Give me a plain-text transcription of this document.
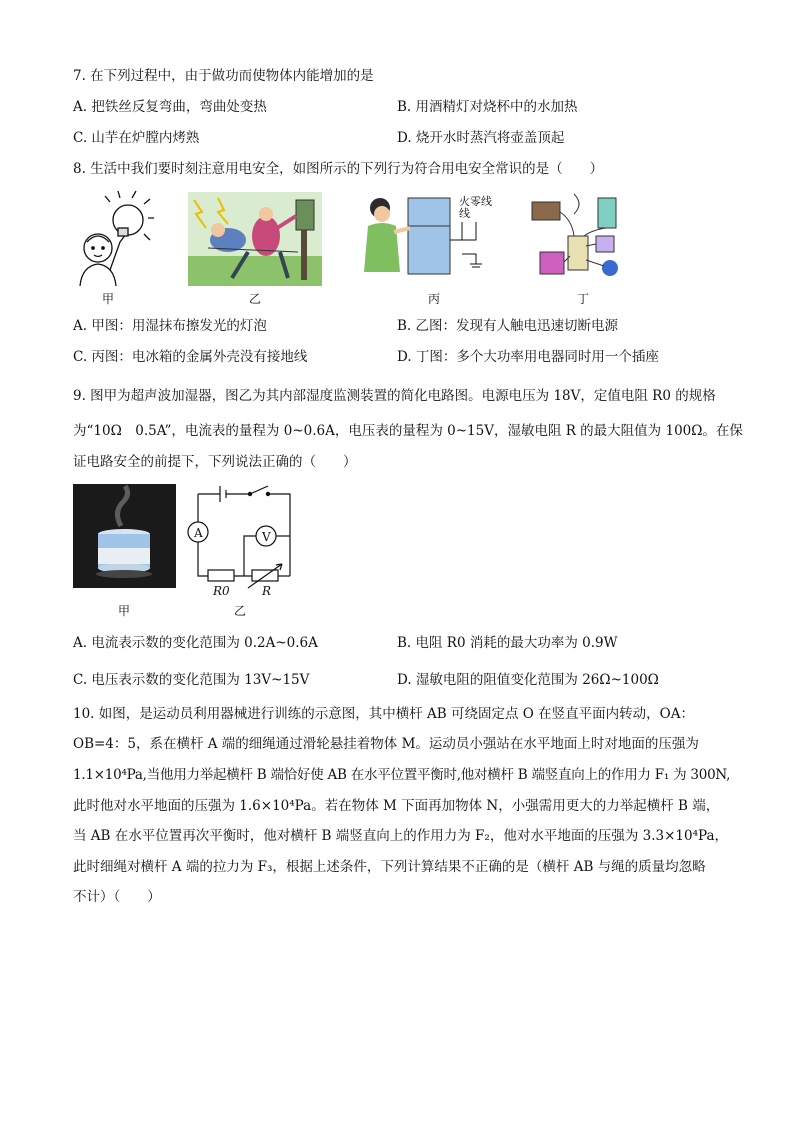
7. 在下列过程中，由于做功而使物体内能增加的是
A. 把铁丝反复弯曲，弯曲处变热	B. 用酒精灯对烧杯中的水加热
C. 山芋在炉膛内烤熟	D. 烧开水时蒸汽将壶盖顶起
8. 生活中我们要时刻注意用电安全，如图所示的下列行为符合用电安全常识的是（　　）
甲	乙
火零线线
丙	丁
A. 甲图：用湿抹布擦发光的灯泡	B. 乙图：发现有人触电迅速切断电源
C. 丙图：电冰箱的金属外壳没有接地线	D. 丁图：多个大功率用电器同时用一个插座
9. 图甲为超声波加湿器，图乙为其内部湿度监测装置的简化电路图。电源电压为 18V，定值电阻 R0 的规格
为“10Ω　0.5A”，电流表的量程为 0~0.6A，电压表的量程为 0~15V，湿敏电阻 R 的最大阻值为 100Ω。在保
证电路安全的前提下，下列说法正确的（　　）
甲
A	V
R0	R
乙
A. 电流表示数的变化范围为 0.2A~0.6A	B. 电阻 R0 消耗的最大功率为 0.9W
C. 电压表示数的变化范围为 13V~15V	D. 湿敏电阻的阻值变化范围为 26Ω~100Ω
10. 如图，是运动员利用器械进行训练的示意图，其中横杆 AB 可绕固定点 O 在竖直平面内转动，OA：
OB=4：5，系在横杆 A 端的细绳通过滑轮悬挂着物体 M。运动员小强站在水平地面上时对地面的压强为
1.1×10⁴Pa,当他用力举起横杆 B 端恰好使 AB 在水平位置平衡时,他对横杆 B 端竖直向上的作用力 F₁ 为 300N,
此时他对水平地面的压强为 1.6×10⁴Pa。若在物体 M 下面再加物体 N，小强需用更大的力举起横杆 B 端，
当 AB 在水平位置再次平衡时，他对横杆 B 端竖直向上的作用力为 F₂，他对水平地面的压强为 3.3×10⁴Pa，
此时细绳对横杆 A 端的拉力为 F₃，根据上述条件，下列计算结果不正确的是（横杆 AB 与绳的质量均忽略
不计）（　　）
